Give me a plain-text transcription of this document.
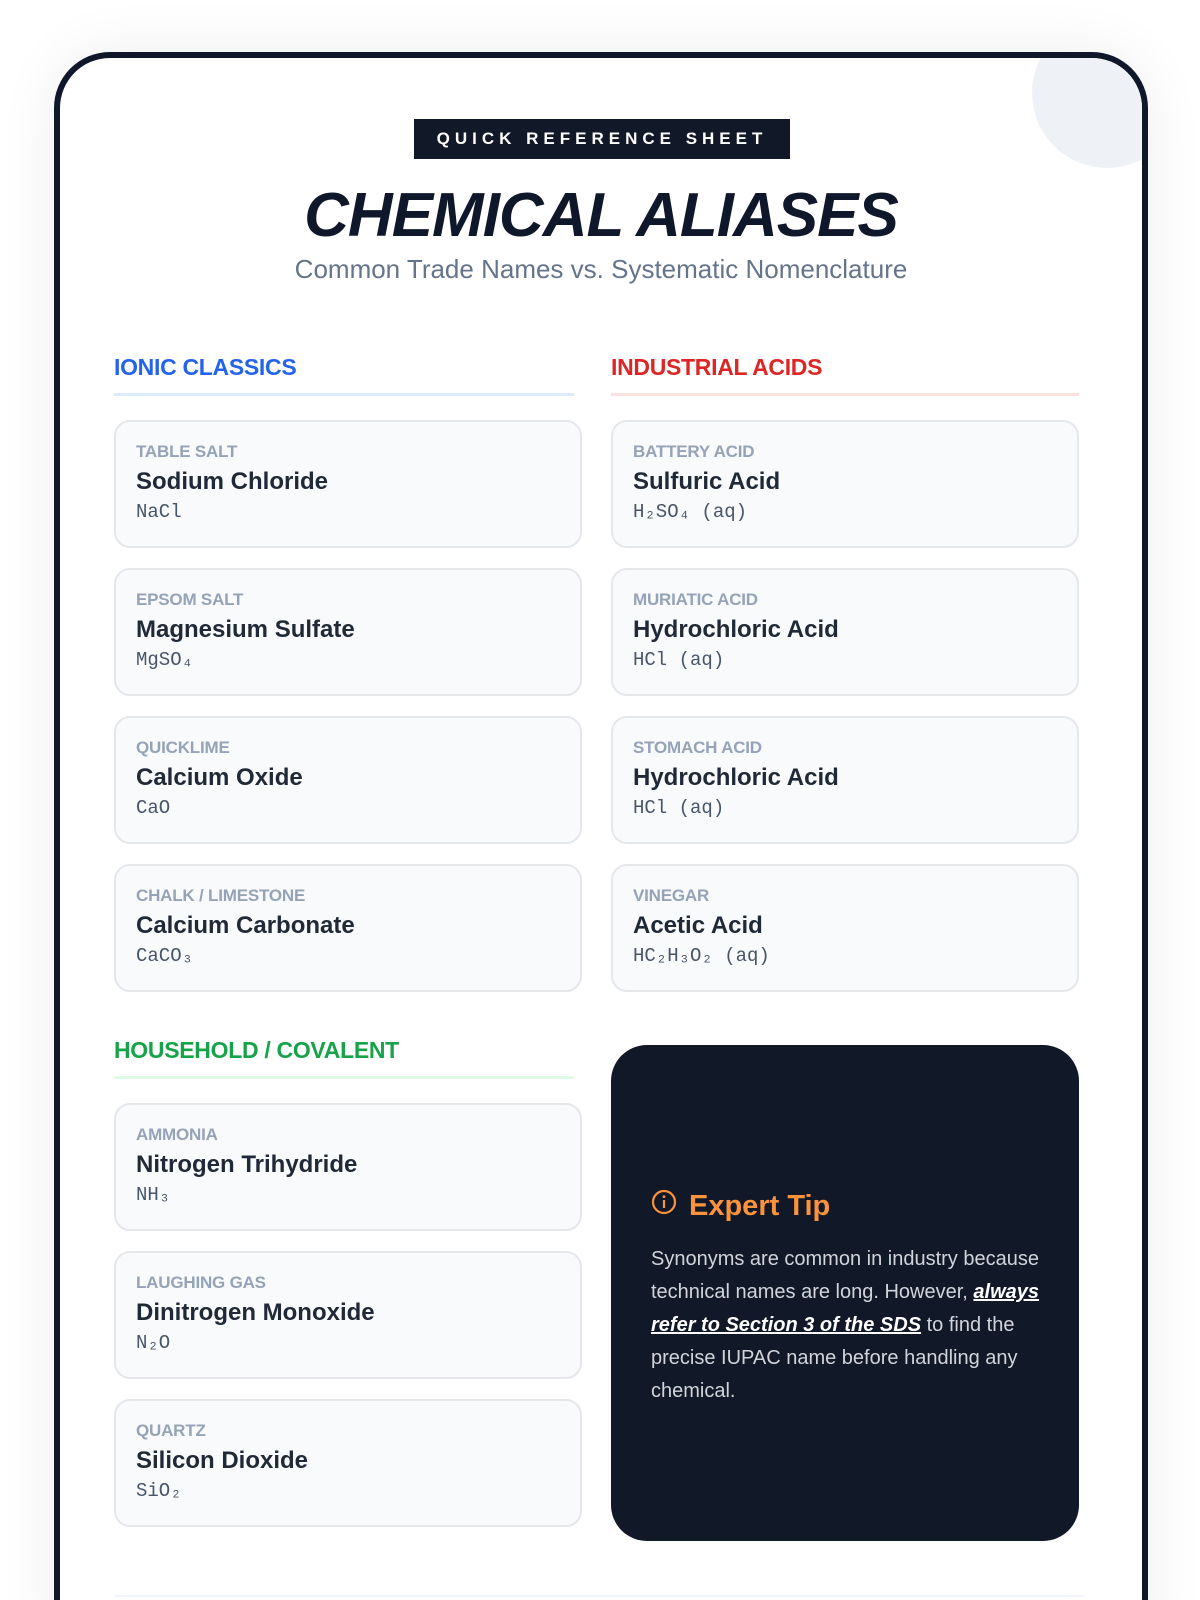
QUICK REFERENCE SHEET
CHEMICAL ALIASES
Common Trade Names vs. Systematic Nomenclature
IONIC CLASSICS
TABLE SALT
Sodium Chloride
NaCl
EPSOM SALT
Magnesium Sulfate
MgSO₄
QUICKLIME
Calcium Oxide
CaO
CHALK / LIMESTONE
Calcium Carbonate
CaCO₃
INDUSTRIAL ACIDS
BATTERY ACID
Sulfuric Acid
H₂SO₄ (aq)
MURIATIC ACID
Hydrochloric Acid
HCl (aq)
STOMACH ACID
Hydrochloric Acid
HCl (aq)
VINEGAR
Acetic Acid
HC₂H₃O₂ (aq)
HOUSEHOLD / COVALENT
AMMONIA
Nitrogen Trihydride
NH₃
LAUGHING GAS
Dinitrogen Monoxide
N₂O
QUARTZ
Silicon Dioxide
SiO₂
Expert Tip

Synonyms are common in industry because technical names are long. However, always refer to Section 3 of the SDS to find the precise IUPAC name before handling any chemical.
